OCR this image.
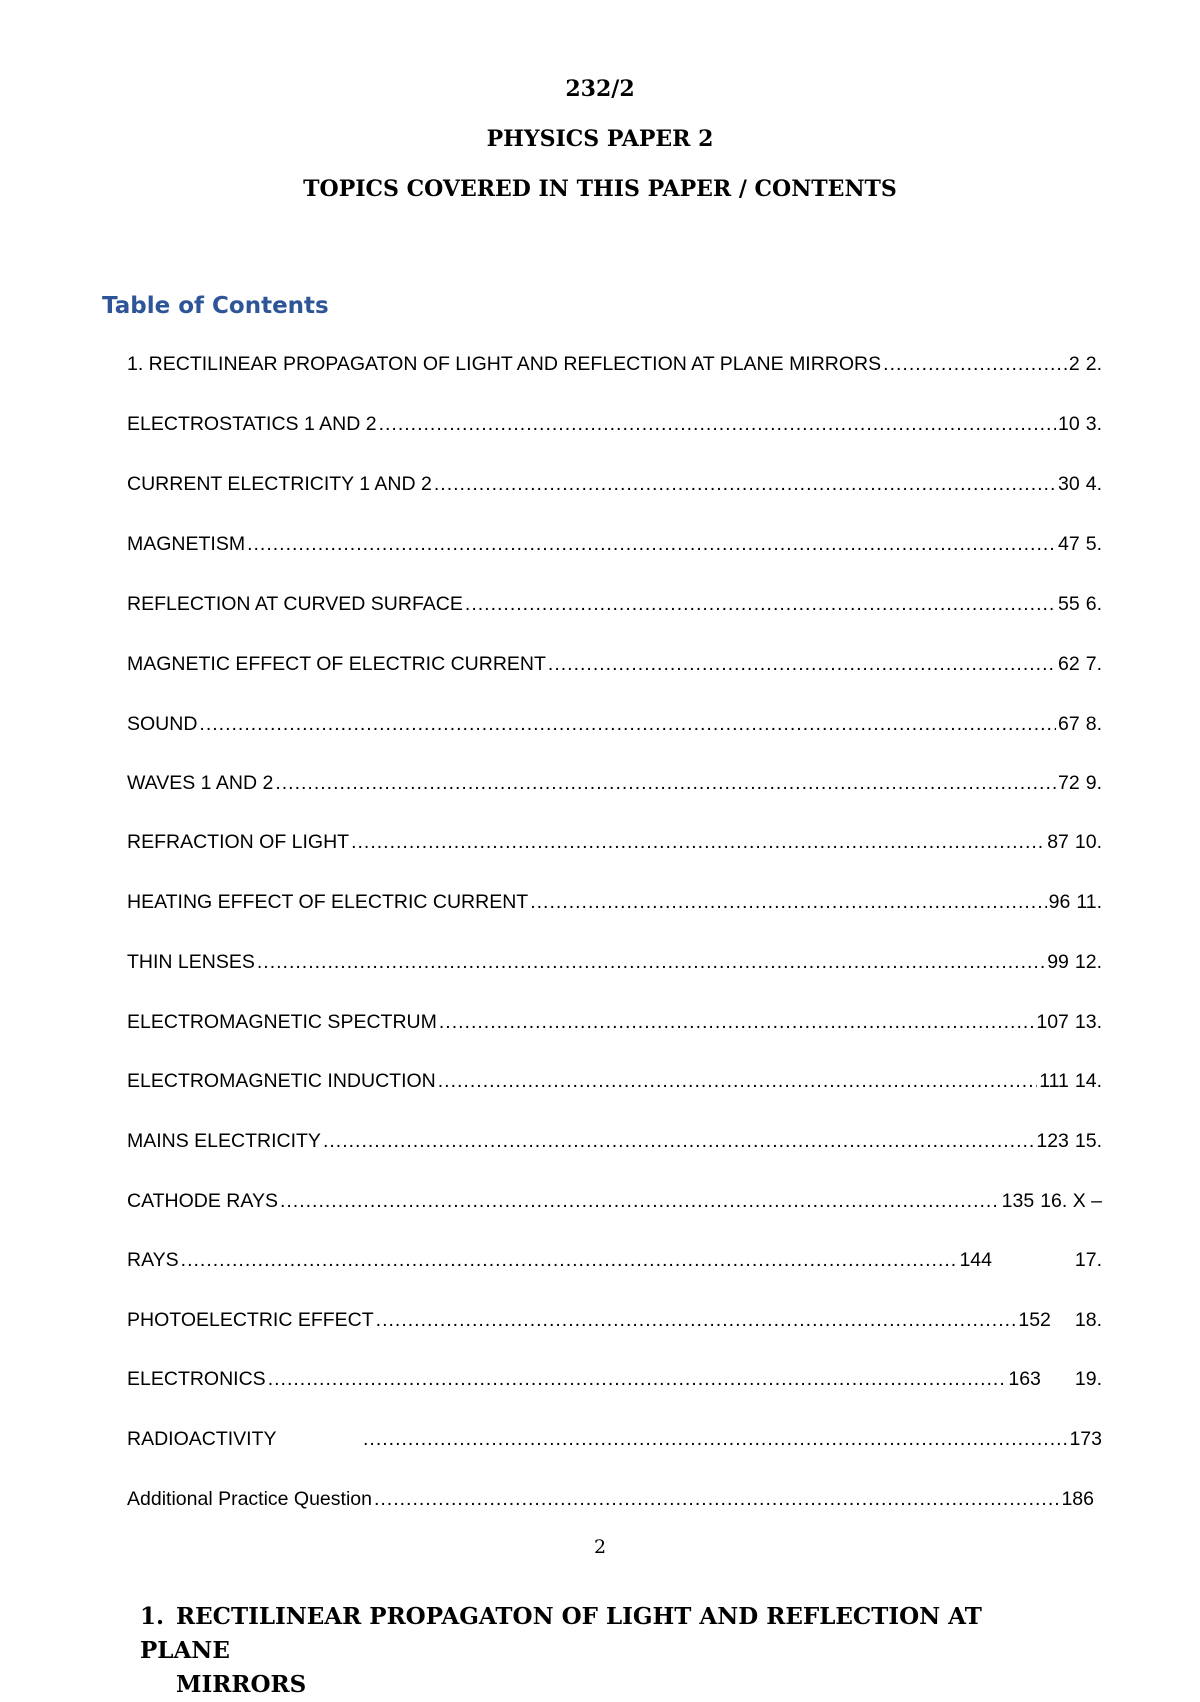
232/2
PHYSICS PAPER 2
TOPICS COVERED IN THIS PAPER / CONTENTS
Table of Contents
1. RECTILINEAR PROPAGATON OF LIGHT AND REFLECTION AT PLANE MIRRORS .....	2 2.
ELECTROSTATICS 1 AND 2 .....	10 3.
CURRENT ELECTRICITY 1 AND 2 .....	30 4.
MAGNETISM .....	47 5.
REFLECTION AT CURVED SURFACE .....	55 6.
MAGNETIC EFFECT OF ELECTRIC CURRENT .....	62 7.
SOUND .....	67 8.
WAVES 1 AND 2 .....	72 9.
REFRACTION OF LIGHT .....	87 10.
HEATING EFFECT OF ELECTRIC CURRENT .....	96 11.
THIN LENSES .....	99 12.
ELECTROMAGNETIC SPECTRUM .....	107 13.
ELECTROMAGNETIC INDUCTION .....	111 14.
MAINS ELECTRICITY .....	123 15.
CATHODE RAYS .....	135 16. X –
RAYS .....	144	17.
PHOTOELECTRIC EFFECT .....	152 18.
ELECTRONICS .....	163 19.
RADIOACTIVITY .....	173
Additional Practice Question .....	186
2
1. RECTILINEAR PROPAGATON OF LIGHT AND REFLECTION AT PLANE
MIRRORS
